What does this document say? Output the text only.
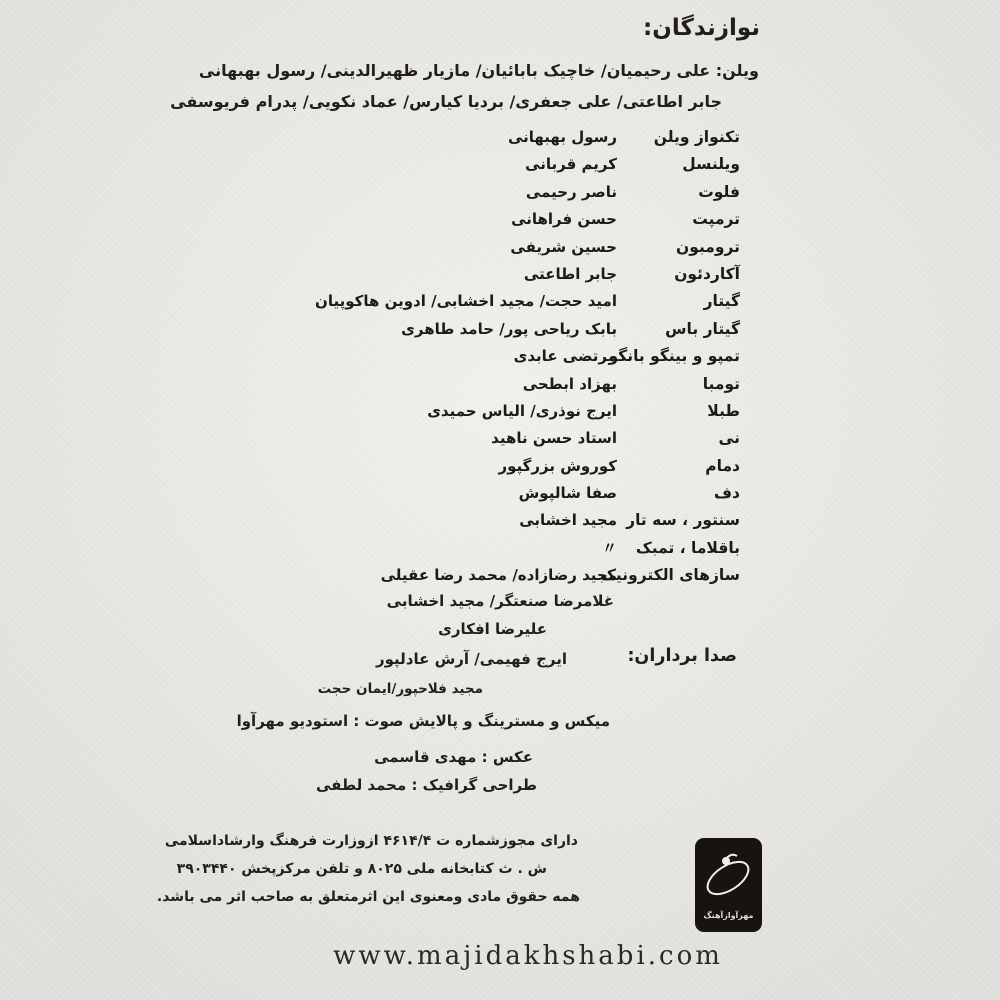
نوازندگان:
ویلن: علی رحیمیان/ خاچیک بابائیان/ مازیار ظهیرالدینی/ رسول بهبهانی
جابر اطاعتی/ علی جعفری/ بردیا کیارس/ عماد نکویی/ پدرام فریوسفی
تکنواز ویلن
رسول بهبهانی
ویلنسل
کریم قربانی
فلوت
ناصر رحیمی
ترمپت
حسن فراهانی
ترومبون
حسین شریفی
آکاردئون
جابر اطاعتی
گیتار
امید حجت/ مجید اخشابی/ ادوین هاکوپیان
گیتار باس
بابک ریاحی پور/ حامد طاهری
تمپو و بینگو بانگو
مرتضی عابدی
تومبا
بهزاد ابطحی
طبلا
ایرج نوذری/ الیاس حمیدی
نی
استاد حسن ناهید
دمام
کوروش بزرگپور
دف
صفا شالپوش
سنتور ، سه تار
مجید اخشابی
باقلاما ، تمبک
〃
سازهای الکترونیک
مجید رضازاده/ محمد رضا عقیلی
غلامرضا صنعتگر/ مجید اخشابی
علیرضا افکاری
صدا برداران:
ایرج فهیمی/ آرش عادلپور
مجید فلاحپور/ایمان حجت
میکس و مسترینگ و پالایش صوت : استودیو مهرآوا
عکس : مهدی قاسمی
طراحی گرافیک : محمد لطفی
دارای مجوزشماره ت ۴۶۱۴/۴ ازوزارت فرهنگ وارشاداسلامی
ش . ث کتابخانه ملی ۸۰۲۵ و تلفن مرکزپخش ۳۹۰۳۴۴۰
همه حقوق مادی ومعنوی این اثرمتعلق به صاحب اثر می باشد.
مهرآوازآهنگ
www.majidakhshabi.com
